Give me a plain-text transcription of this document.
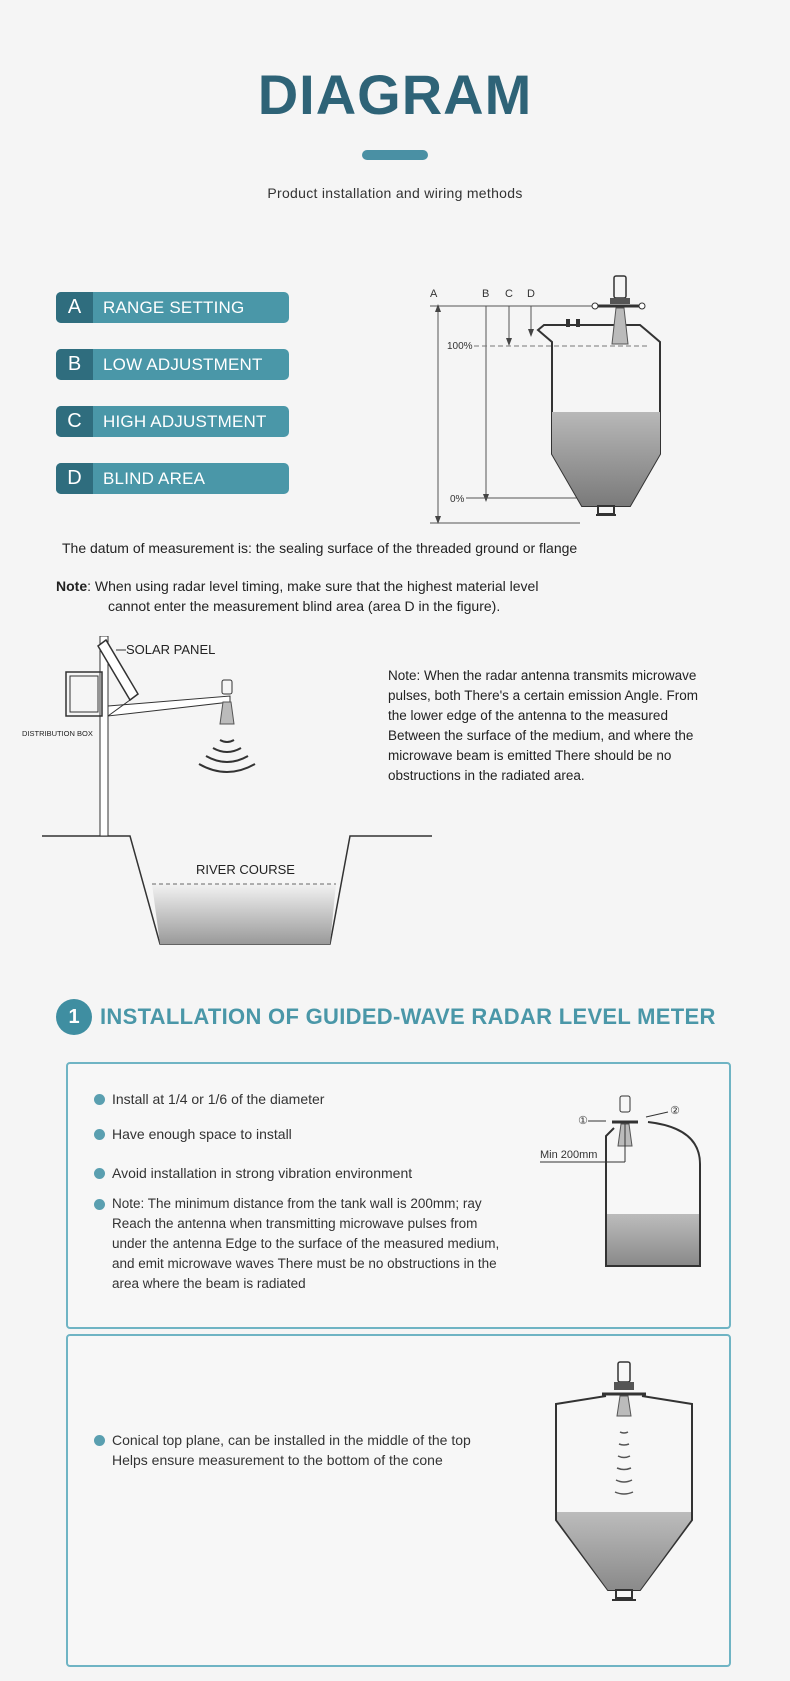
DIAGRAM
Product installation and wiring methods
A	RANGE SETTING
B	LOW ADJUSTMENT
C	HIGH ADJUSTMENT
D	BLIND AREA
A	B C D
100%
0%
The datum of measurement is: the sealing surface of the threaded ground or flange
Note: When using radar level timing, make sure that the highest material level
cannot enter the measurement blind area (area D in the figure).
RIVER COURSE
DISTRIBUTION BOX
SOLAR PANEL
Note: When the radar antenna transmits microwave
pulses, both There's a certain emission Angle. From
the lower edge of the antenna to the measured
Between the surface of the medium, and where the
microwave beam is emitted There should be no
obstructions in the radiated area.
1 INSTALLATION OF GUIDED-WAVE RADAR LEVEL METER
Install at 1/4 or 1/6 of the diameter
Have enough space to install
Avoid installation in strong vibration environment
Note: The minimum distance from the tank wall is 200mm; ray
Reach the antenna when transmitting microwave pulses from
under the antenna Edge to the surface of the measured medium,
and emit microwave waves There must be no obstructions in the
area where the beam is radiated
①
②
Min 200mm
Conical top plane, can be installed in the middle of the top
Helps ensure measurement to the bottom of the cone
